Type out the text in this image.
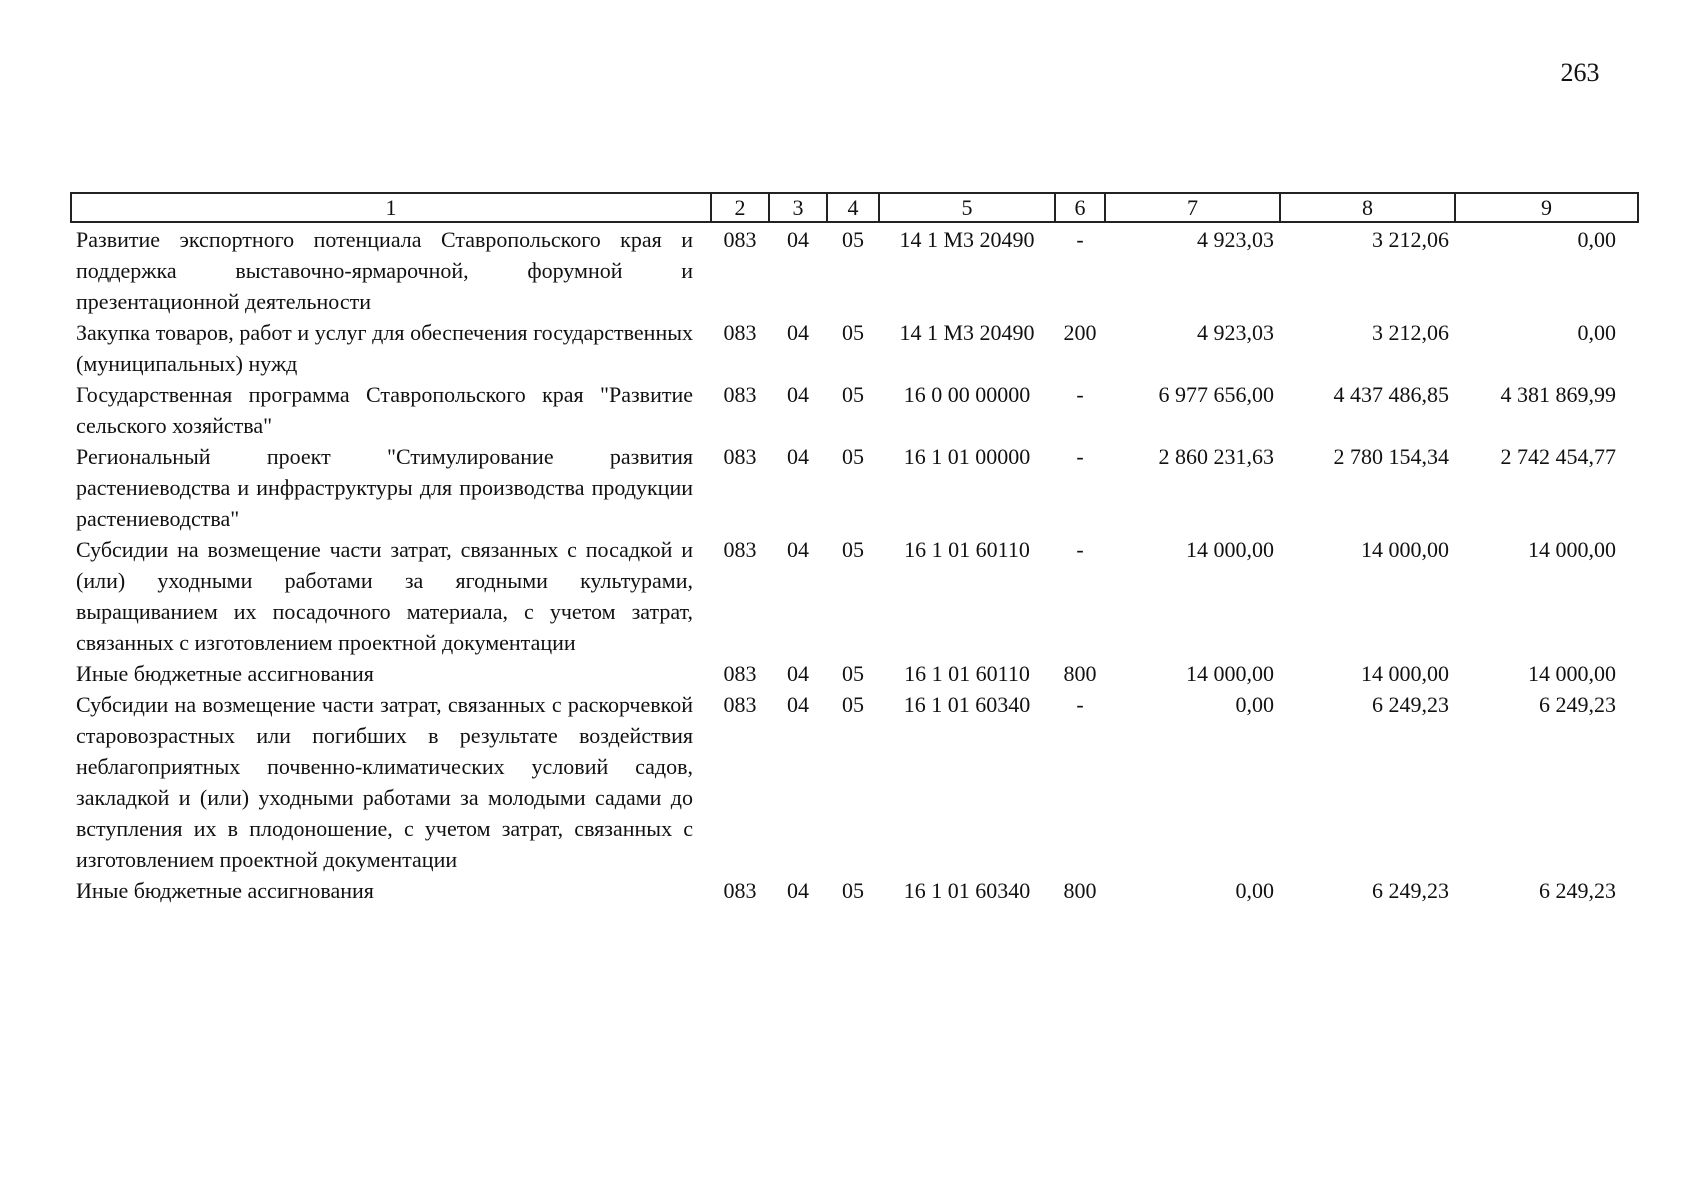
263
1	2	3	4	5	6	7	8	9
Развитие экспортного потенциала Ставропольского края и поддержка выставочно-ярмарочной, форумной и презентационной деятельности	083	04	05	14 1 М3 20490	-	4 923,03	3 212,06	0,00
Закупка товаров, работ и услуг для обеспечения государственных (муниципальных) нужд	083	04	05	14 1 М3 20490	200	4 923,03	3 212,06	0,00
Государственная программа Ставропольского края "Развитие сельского хозяйства"	083	04	05	16 0 00 00000	-	6 977 656,00	4 437 486,85	4 381 869,99
Региональный проект "Стимулирование развития растениеводства и инфраструктуры для производства продукции растениеводства"	083	04	05	16 1 01 00000	-	2 860 231,63	2 780 154,34	2 742 454,77
Субсидии на возмещение части затрат, связанных с посадкой и (или) уходными работами за ягодными культурами, выращиванием их посадочного материала, с учетом затрат, связанных с изготовлением проектной документации	083	04	05	16 1 01 60110	-	14 000,00	14 000,00	14 000,00
Иные бюджетные ассигнования	083	04	05	16 1 01 60110	800	14 000,00	14 000,00	14 000,00
Субсидии на возмещение части затрат, связанных с раскорчевкой старовозрастных или погибших в результате воздействия неблагоприятных почвенно-климатических условий садов, закладкой и (или) уходными работами за молодыми садами до вступления их в плодоношение, с учетом затрат, связанных с изготовлением проектной документации	083	04	05	16 1 01 60340	-	0,00	6 249,23	6 249,23
Иные бюджетные ассигнования	083	04	05	16 1 01 60340	800	0,00	6 249,23	6 249,23
